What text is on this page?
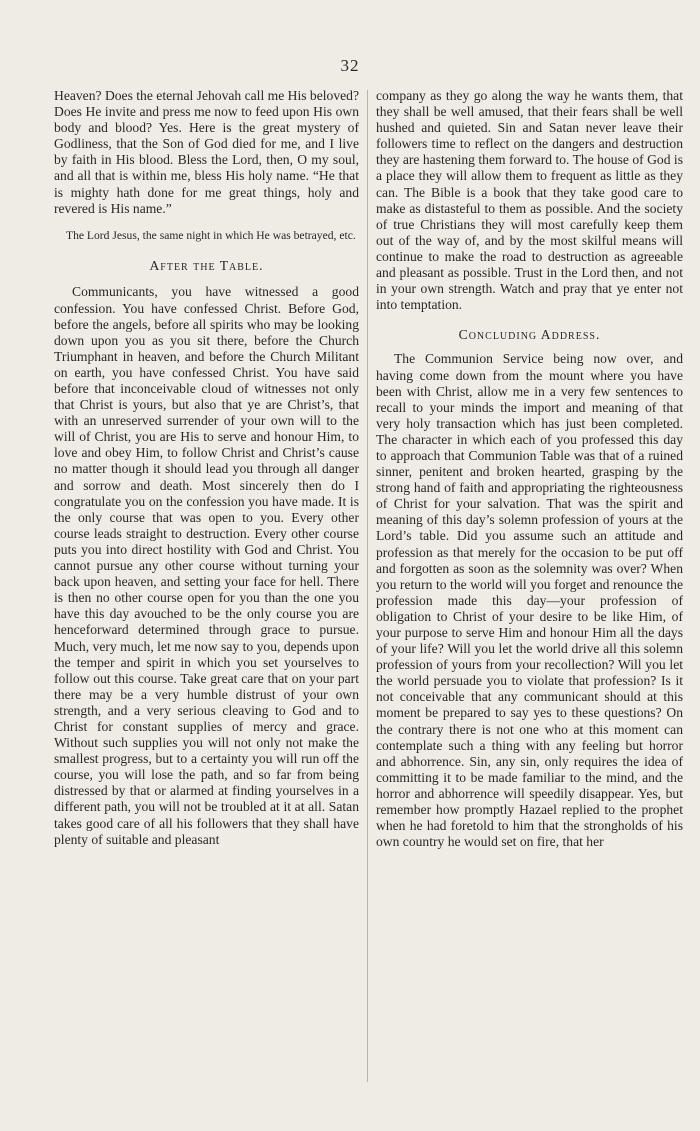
32

Heaven? Does the eternal Jehovah call me His beloved? Does He invite and press me now to feed upon His own body and blood? Yes. Here is the great mystery of Godliness, that the Son of God died for me, and I live by faith in His blood. Bless the Lord, then, O my soul, and all that is within me, bless His holy name. “He that is mighty hath done for me great things, holy and revered is His name.”

The Lord Jesus, the same night in which He was betrayed, etc.

After the Table.

Communicants, you have witnessed a good confession. You have confessed Christ. Before God, before the angels, before all spirits who may be looking down upon you as you sit there, before the Church Triumphant in heaven, and before the Church Militant on earth, you have confessed Christ. You have said before that inconceivable cloud of witnesses not only that Christ is yours, but also that ye are Christ’s, that with an unreserved surrender of your own will to the will of Christ, you are His to serve and honour Him, to love and obey Him, to follow Christ and Christ’s cause no matter though it should lead you through all danger and sorrow and death. Most sincerely then do I congratulate you on the confession you have made. It is the only course that was open to you. Every other course leads straight to destruction. Every other course puts you into direct hostility with God and Christ. You cannot pursue any other course without turning your back upon heaven, and setting your face for hell. There is then no other course open for you than the one you have this day avouched to be the only course you are henceforward determined through grace to pursue. Much, very much, let me now say to you, depends upon the temper and spirit in which you set yourselves to follow out this course. Take great care that on your part there may be a very humble distrust of your own strength, and a very serious cleaving to God and to Christ for constant supplies of mercy and grace. Without such supplies you will not only not make the smallest progress, but to a certainty you will run off the course, you will lose the path, and so far from being distressed by that or alarmed at finding yourselves in a different path, you will not be troubled at it at all. Satan takes good care of all his followers that they shall have plenty of suitable and pleasant

company as they go along the way he wants them, that they shall be well amused, that their fears shall be well hushed and quieted. Sin and Satan never leave their followers time to reflect on the dangers and destruction they are hastening them forward to. The house of God is a place they will allow them to frequent as little as they can. The Bible is a book that they take good care to make as distasteful to them as possible. And the society of true Christians they will most carefully keep them out of the way of, and by the most skilful means will continue to make the road to destruction as agreeable and pleasant as possible. Trust in the Lord then, and not in your own strength. Watch and pray that ye enter not into temptation.

Concluding Address.

The Communion Service being now over, and having come down from the mount where you have been with Christ, allow me in a very few sentences to recall to your minds the import and meaning of that very holy transaction which has just been completed. The character in which each of you professed this day to approach that Communion Table was that of a ruined sinner, penitent and broken hearted, grasping by the strong hand of faith and appropriating the righteousness of Christ for your salvation. That was the spirit and meaning of this day’s solemn profession of yours at the Lord’s table. Did you assume such an attitude and profession as that merely for the occasion to be put off and forgotten as soon as the solemnity was over? When you return to the world will you forget and renounce the profession made this day—your profession of obligation to Christ of your desire to be like Him, of your purpose to serve Him and honour Him all the days of your life? Will you let the world drive all this solemn profession of yours from your recollection? Will you let the world persuade you to violate that profession? Is it not conceivable that any communicant should at this moment be prepared to say yes to these questions? On the contrary there is not one who at this moment can contemplate such a thing with any feeling but horror and abhorrence. Sin, any sin, only requires the idea of committing it to be made familiar to the mind, and the horror and abhorrence will speedily disappear. Yes, but remember how promptly Hazael replied to the prophet when he had foretold to him that the strongholds of his own country he would set on fire, that her
